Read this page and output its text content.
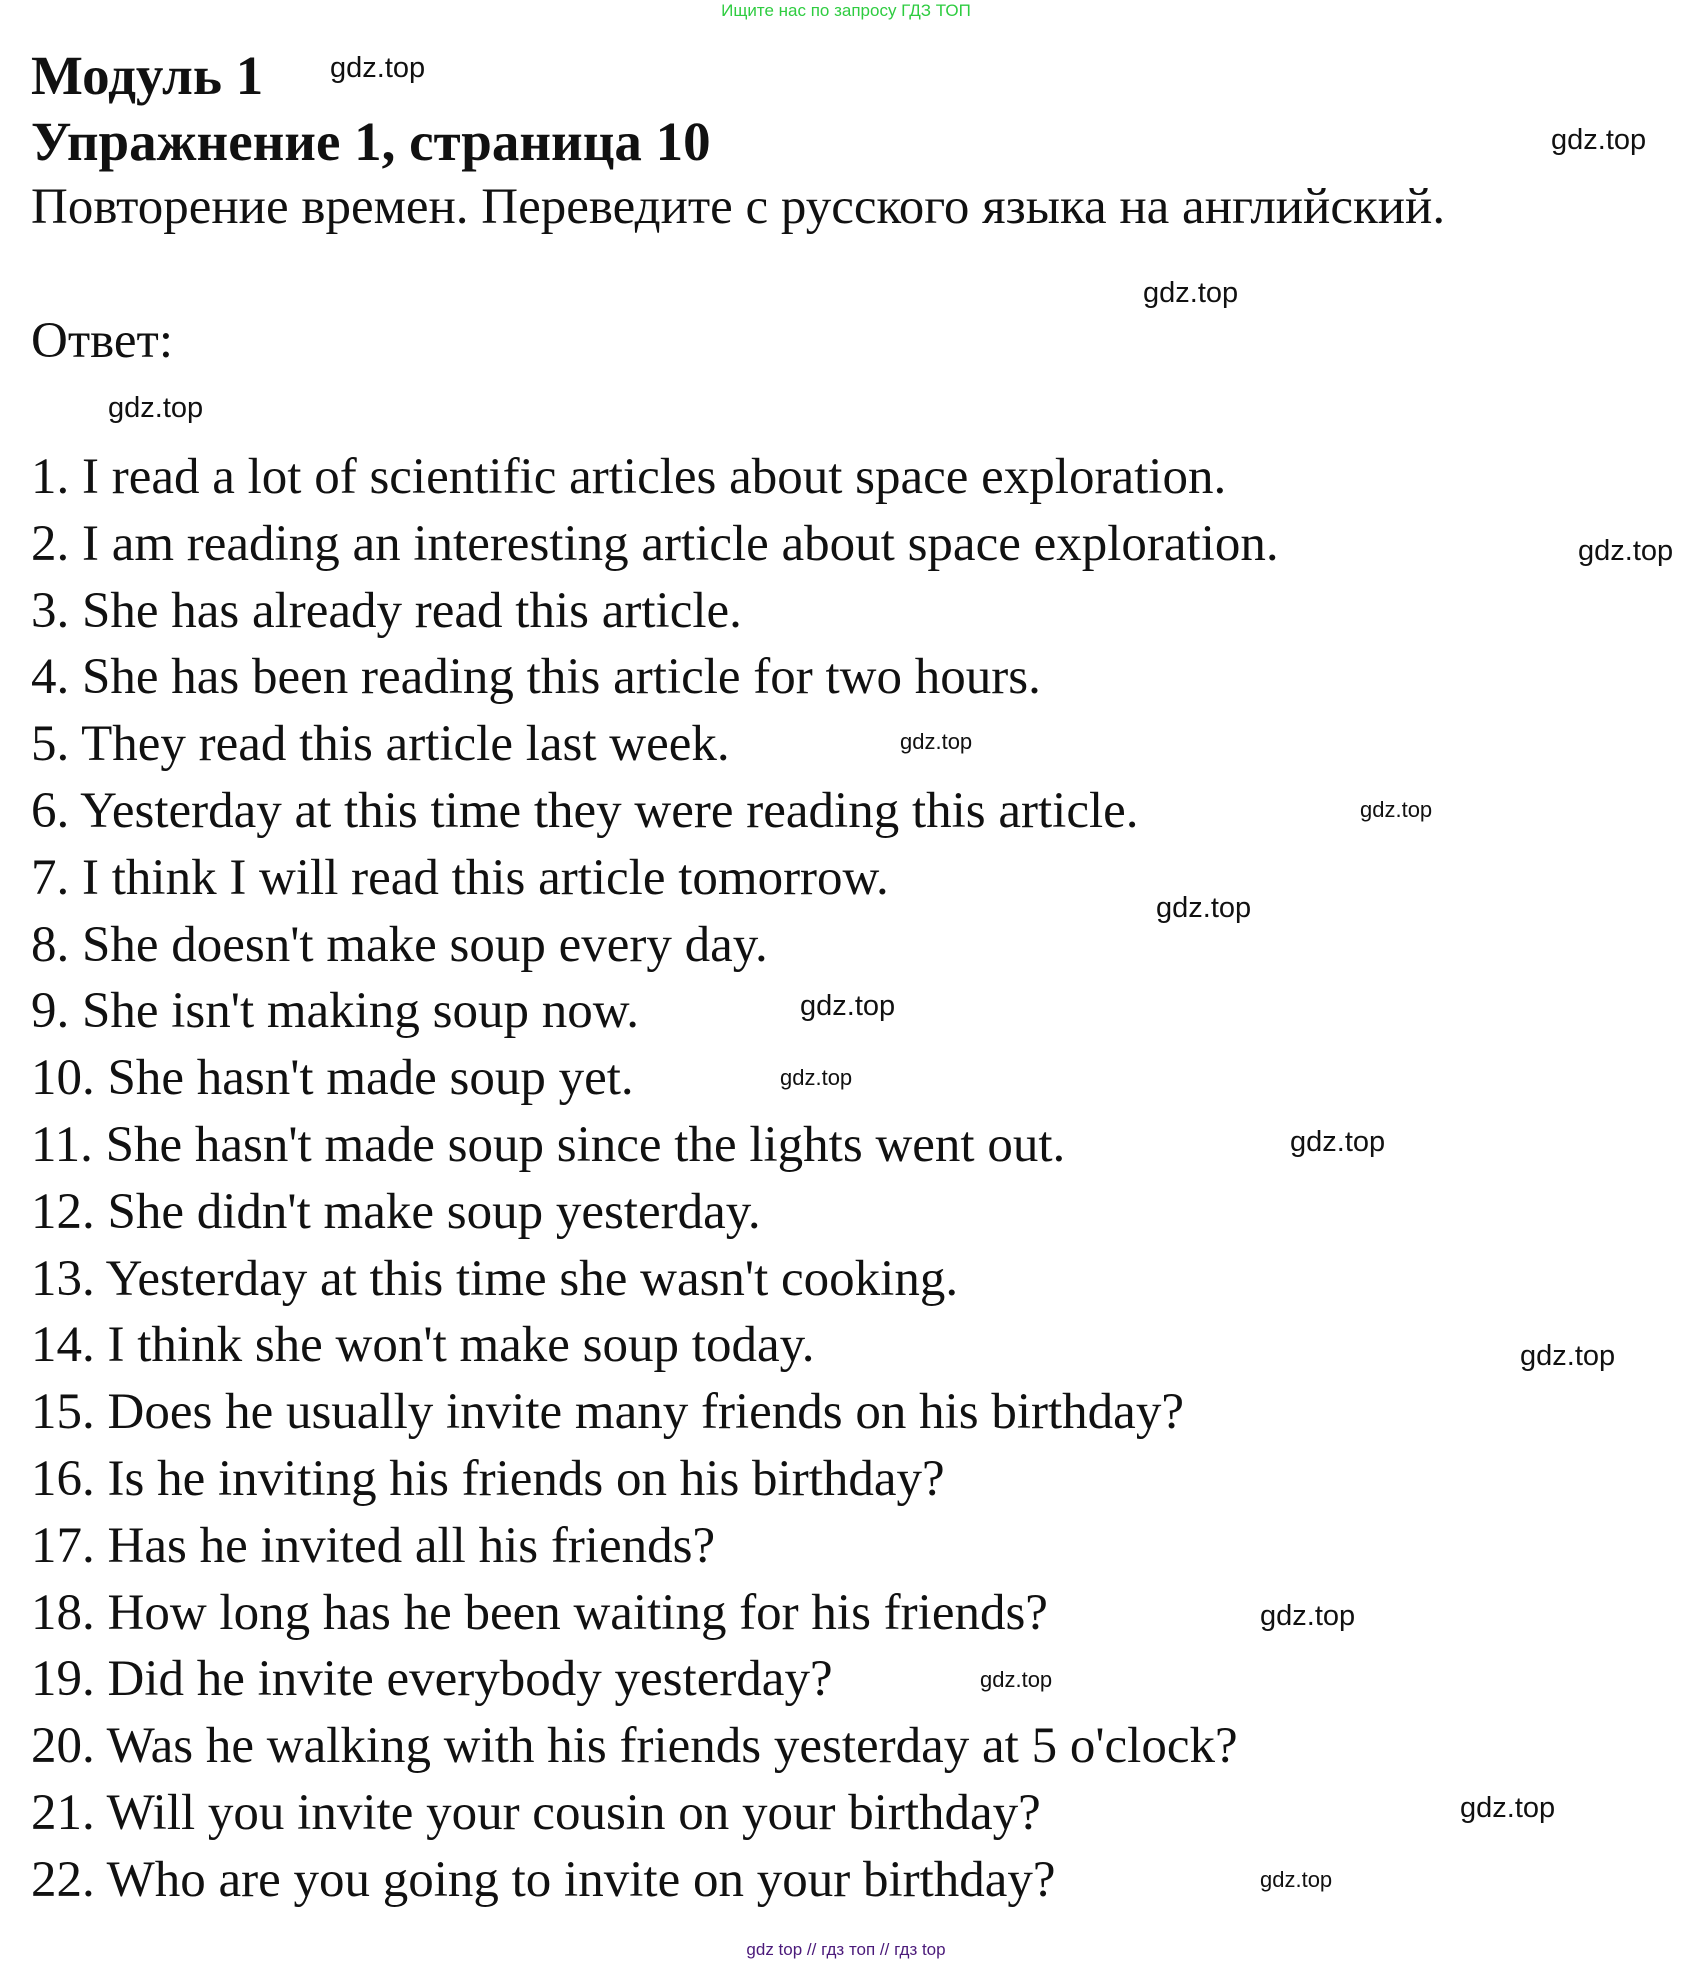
Ищите нас по запросу ГДЗ ТОП
Модуль 1
Упражнение 1, страница 10
Повторение времен. Переведите с русского языка на английский.
Ответ:
1. I read a lot of scientific articles about space exploration.
2. I am reading an interesting article about space exploration.
3. She has already read this article.
4. She has been reading this article for two hours.
5. They read this article last week.
6. Yesterday at this time they were reading this article.
7. I think I will read this article tomorrow.
8. She doesn't make soup every day.
9. She isn't making soup now.
10. She hasn't made soup yet.
11. She hasn't made soup since the lights went out.
12. She didn't make soup yesterday.
13. Yesterday at this time she wasn't cooking.
14. I think she won't make soup today.
15. Does he usually invite many friends on his birthday?
16. Is he inviting his friends on his birthday?
17. Has he invited all his friends?
18. How long has he been waiting for his friends?
19. Did he invite everybody yesterday?
20. Was he walking with his friends yesterday at 5 o'clock?
21. Will you invite your cousin on your birthday?
22. Who are you going to invite on your birthday?
gdz.top
gdz.top
gdz.top
gdz.top
gdz.top
gdz.top
gdz.top
gdz.top
gdz.top
gdz.top
gdz.top
gdz.top
gdz.top
gdz.top
gdz.top
gdz.top
gdz top // гдз топ // гдз top
